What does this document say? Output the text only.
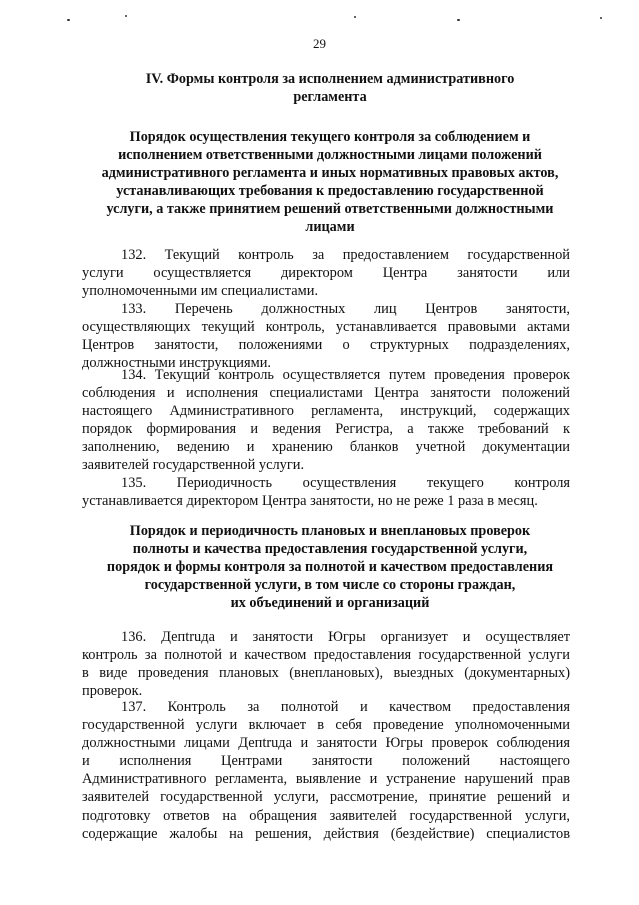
29
IV. Формы контроля за исполнением административного
регламента
Порядок осуществления текущего контроля за соблюдением и
исполнением ответственными должностными лицами положений
административного регламента и иных нормативных правовых актов,
устанавливающих требования к предоставлению государственной
услуги, а также принятием решений ответственными должностными
лицами

132. Текущий контроль за предоставлением государственной
услуги осуществляется директором Центра занятости или
уполномоченными им специалистами.

133. Перечень должностных лиц Центров занятости,
осуществляющих текущий контроль, устанавливается правовыми актами
Центров занятости, положениями о структурных подразделениях,
должностными инструкциями.

134. Текущий контроль осуществляется путем проведения проверок
соблюдения и исполнения специалистами Центра занятости положений
настоящего Административного регламента, инструкций, содержащих
порядок формирования и ведения Регистра, а также требований к
заполнению, ведению и хранению бланков учетной документации
заявителей государственной услуги.

135. Периодичность осуществления текущего контроля
устанавливается директором Центра занятости, но не реже 1 раза в месяц.

Порядок и периодичность плановых и внеплановых проверок
полноты и качества предоставления государственной услуги,
порядок и формы контроля за полнотой и качеством предоставления
государственной услуги, в том числе со стороны граждан,
их объединений и организаций

136. Депtruда и занятости Югры организует и осуществляет
контроль за полнотой и качеством предоставления государственной услуги
в виде проведения плановых (внеплановых), выездных (документарных)
проверок.

137. Контроль за полнотой и качеством предоставления
государственной услуги включает в себя проведение уполномоченными
должностными лицами Депtruда и занятости Югры проверок соблюдения
и исполнения Центрами занятости положений настоящего
Административного регламента, выявление и устранение нарушений прав
заявителей государственной услуги, рассмотрение, принятие решений и
подготовку ответов на обращения заявителей государственной услуги,
содержащие жалобы на решения, действия (бездействие) специалистов
